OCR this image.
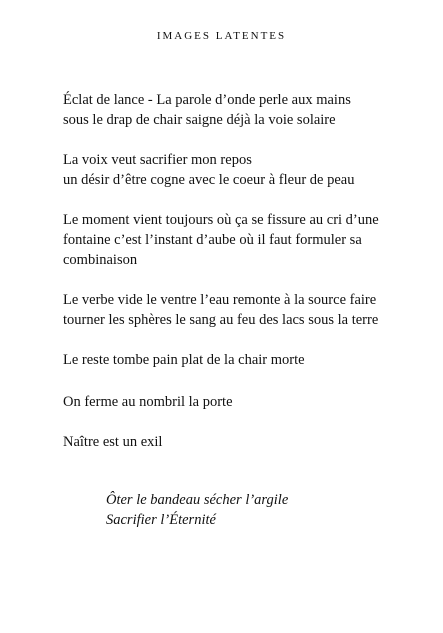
IMAGES LATENTES
Éclat de lance - La parole d’onde perle aux mains
sous le drap de chair saigne déjà la voie solaire
La voix veut sacrifier mon repos
un désir d’être cogne avec le coeur à fleur de peau
Le moment vient toujours où ça se fissure au cri d’une
fontaine c’est l’instant d’aube où il faut formuler sa
combinaison
Le verbe vide le ventre l’eau remonte à la source faire
tourner les sphères le sang au feu des lacs sous la terre
Le reste tombe pain plat de la chair morte
On ferme au nombril la porte
Naître est un exil
Ôter le bandeau sécher l’argile
Sacrifier l’Éternité
